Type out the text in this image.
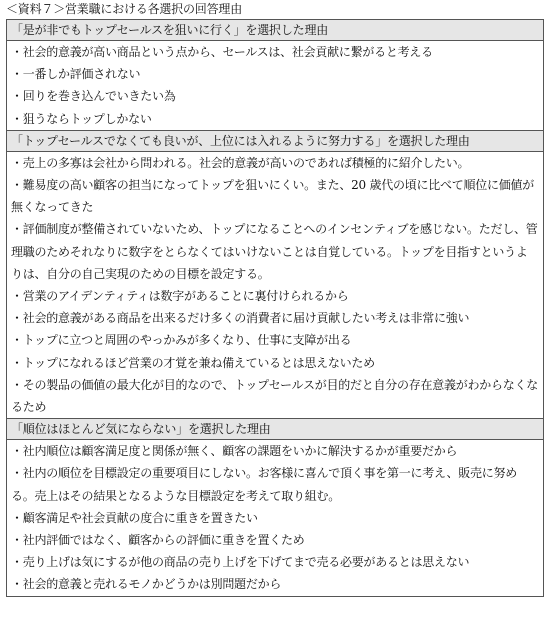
＜資料７＞営業職における各選択の回答理由
「是が非でもトップセールスを狙いに行く」を選択した理由
・社会的意義が高い商品という点から、セールスは、社会貢献に繋がると考える
・一番しか評価されない
・回りを巻き込んでいきたい為
・狙うならトップしかない
「トップセールスでなくても良いが、上位には入れるように努力する」を選択した理由
・売上の多寡は会社から問われる。社会的意義が高いのであれば積極的に紹介したい。
・難易度の高い顧客の担当になってトップを狙いにくい。また、20 歳代の頃に比べて順位に価値が無くなってきた
・評価制度が整備されていないため、トップになることへのインセンティブを感じない。ただし、管理職のためそれなりに数字をとらなくてはいけないことは自覚している。トップを目指すというよりは、自分の自己実現のための目標を設定する。
・営業のアイデンティティは数字があることに裏付けられるから
・社会的意義がある商品を出来るだけ多くの消費者に届け貢献したい考えは非常に強い
・トップに立つと周囲のやっかみが多くなり、仕事に支障が出る
・トップになれるほど営業の才覚を兼ね備えているとは思えないため
・その製品の価値の最大化が目的なので、トップセールスが目的だと自分の存在意義がわからなくなるため
「順位はほとんど気にならない」を選択した理由
・社内順位は顧客満足度と関係が無く、顧客の課題をいかに解決するかが重要だから
・社内の順位を目標設定の重要項目にしない。お客様に喜んで頂く事を第一に考え、販売に努める。売上はその結果となるような目標設定を考えて取り組む。
・顧客満足や社会貢献の度合に重きを置きたい
・社内評価ではなく、顧客からの評価に重きを置くため
・売り上げは気にするが他の商品の売り上げを下げてまで売る必要があるとは思えない
・社会的意義と売れるモノかどうかは別問題だから
